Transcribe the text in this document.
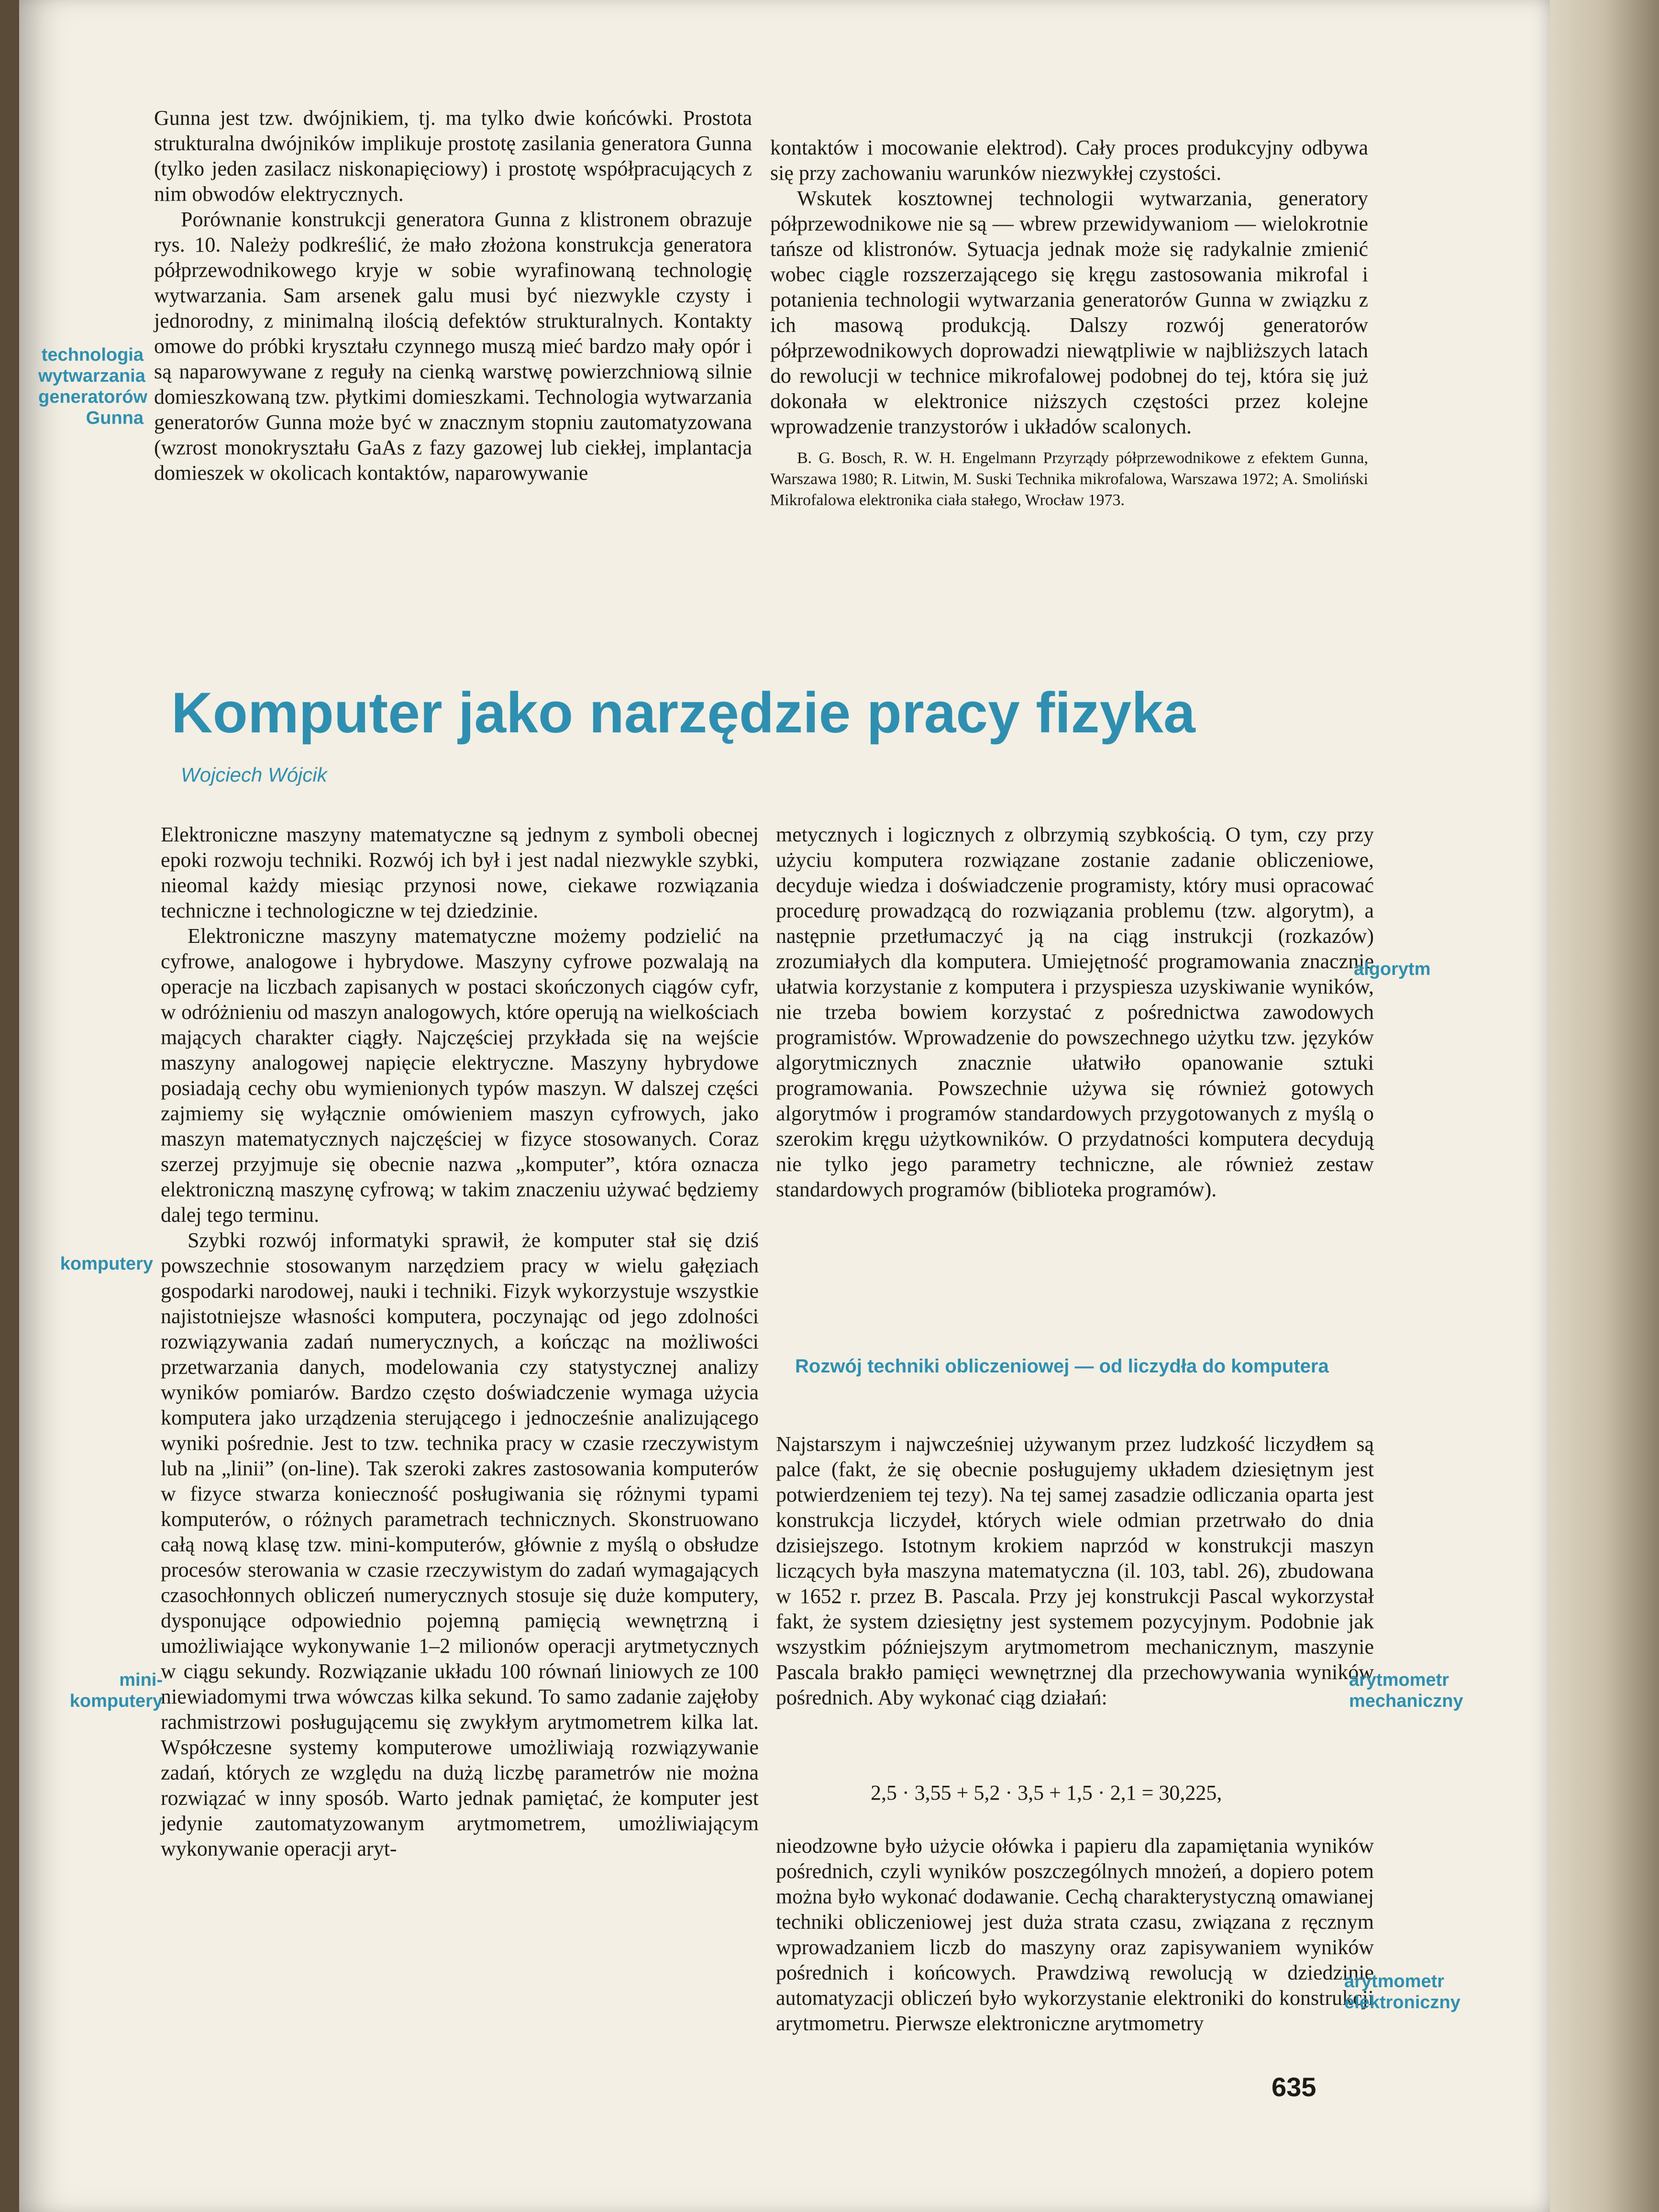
Gunna jest tzw. dwójnikiem, tj. ma tylko dwie końcówki. Prostota strukturalna dwójników implikuje prostotę zasilania generatora Gunna (tylko jeden zasilacz niskonapięciowy) i prostotę współpracujących z nim obwodów elektrycznych.

Porównanie konstrukcji generatora Gunna z klistronem obrazuje rys. 10. Należy podkreślić, że mało złożona konstrukcja generatora półprzewodnikowego kryje w sobie wyrafinowaną technologię wytwarzania. Sam arsenek galu musi być niezwykle czysty i jednorodny, z minimalną ilością defektów strukturalnych. Kontakty omowe do próbki kryształu czynnego muszą mieć bardzo mały opór i są naparowywane z reguły na cienką warstwę powierzchniową silnie domieszkowaną tzw. płytkimi domieszkami. Technologia wytwarzania generatorów Gunna może być w znacznym stopniu zautomatyzowana (wzrost monokryształu GaAs z fazy gazowej lub ciekłej, implantacja domieszek w okolicach kontaktów, naparowywanie

technologia wytwarzania generatorów Gunna

kontaktów i mocowanie elektrod). Cały proces produkcyjny odbywa się przy zachowaniu warunków niezwykłej czystości.

Wskutek kosztownej technologii wytwarzania, generatory półprzewodnikowe nie są — wbrew przewidywaniom — wielokrotnie tańsze od klistronów. Sytuacja jednak może się radykalnie zmienić wobec ciągle rozszerzającego się kręgu zastosowania mikrofal i potanienia technologii wytwarzania generatorów Gunna w związku z ich masową produkcją. Dalszy rozwój generatorów półprzewodnikowych doprowadzi niewątpliwie w najbliższych latach do rewolucji w technice mikrofalowej podobnej do tej, która się już dokonała w elektronice niższych częstości przez kolejne wprowadzenie tranzystorów i układów scalonych.

B. G. Bosch, R. W. H. Engelmann Przyrządy półprzewodnikowe z efektem Gunna, Warszawa 1980; R. Litwin, M. Suski Technika mikrofalowa, Warszawa 1972; A. Smoliński Mikrofalowa elektronika ciała stałego, Wrocław 1973.

Komputer jako narzędzie pracy fizyka
Wojciech Wójcik

Elektroniczne maszyny matematyczne są jednym z symboli obecnej epoki rozwoju techniki. Rozwój ich był i jest nadal niezwykle szybki, nieomal każdy miesiąc przynosi nowe, ciekawe rozwiązania techniczne i technologiczne w tej dziedzinie.

Elektroniczne maszyny matematyczne możemy podzielić na cyfrowe, analogowe i hybrydowe. Maszyny cyfrowe pozwalają na operacje na liczbach zapisanych w postaci skończonych ciągów cyfr, w odróżnieniu od maszyn analogowych, które operują na wielkościach mających charakter ciągły. Najczęściej przykłada się na wejście maszyny analogowej napięcie elektryczne. Maszyny hybrydowe posiadają cechy obu wymienionych typów maszyn. W dalszej części zajmiemy się wyłącznie omówieniem maszyn cyfrowych, jako maszyn matematycznych najczęściej w fizyce stosowanych. Coraz szerzej przyjmuje się obecnie nazwa „komputer”, która oznacza elektroniczną maszynę cyfrową; w takim znaczeniu używać będziemy dalej tego terminu.

Szybki rozwój informatyki sprawił, że komputer stał się dziś powszechnie stosowanym narzędziem pracy w wielu gałęziach gospodarki narodowej, nauki i techniki. Fizyk wykorzystuje wszystkie najistotniejsze własności komputera, poczynając od jego zdolności rozwiązywania zadań numerycznych, a kończąc na możliwości przetwarzania danych, modelowania czy statystycznej analizy wyników pomiarów. Bardzo często doświadczenie wymaga użycia komputera jako urządzenia sterującego i jednocześnie analizującego wyniki pośrednie. Jest to tzw. technika pracy w czasie rzeczywistym lub na „linii” (on-line). Tak szeroki zakres zastosowania komputerów w fizyce stwarza konieczność posługiwania się różnymi typami komputerów, o różnych parametrach technicznych. Skonstruowano całą nową klasę tzw. mini-komputerów, głównie z myślą o obsłudze procesów sterowania w czasie rzeczywistym do zadań wymagających czasochłonnych obliczeń numerycznych stosuje się duże komputery, dysponujące odpowiednio pojemną pamięcią wewnętrzną i umożliwiające wykonywanie 1–2 milionów operacji arytmetycznych w ciągu sekundy. Rozwiązanie układu 100 równań liniowych ze 100 niewiadomymi trwa wówczas kilka sekund. To samo zadanie zajęłoby rachmistrzowi posługującemu się zwykłym arytmometrem kilka lat. Współczesne systemy komputerowe umożliwiają rozwiązywanie zadań, których ze względu na dużą liczbę parametrów nie można rozwiązać w inny sposób. Warto jednak pamiętać, że komputer jest jedynie zautomatyzowanym arytmometrem, umożliwiającym wykonywanie operacji aryt-

komputery
mini-komputery

metycznych i logicznych z olbrzymią szybkością. O tym, czy przy użyciu komputera rozwiązane zostanie zadanie obliczeniowe, decyduje wiedza i doświadczenie programisty, który musi opracować procedurę prowadzącą do rozwiązania problemu (tzw. algorytm), a następnie przetłumaczyć ją na ciąg instrukcji (rozkazów) zrozumiałych dla komputera. Umiejętność programowania znacznie ułatwia korzystanie z komputera i przyspiesza uzyskiwanie wyników, nie trzeba bowiem korzystać z pośrednictwa zawodowych programistów. Wprowadzenie do powszechnego użytku tzw. języków algorytmicznych znacznie ułatwiło opanowanie sztuki programowania. Powszechnie używa się również gotowych algorytmów i programów standardowych przygotowanych z myślą o szerokim kręgu użytkowników. O przydatności komputera decydują nie tylko jego parametry techniczne, ale również zestaw standardowych programów (biblioteka programów).

algorytm
Rozwój techniki obliczeniowej — od liczydła do komputera

Najstarszym i najwcześniej używanym przez ludzkość liczydłem są palce (fakt, że się obecnie posługujemy układem dziesiętnym jest potwierdzeniem tej tezy). Na tej samej zasadzie odliczania oparta jest konstrukcja liczydeł, których wiele odmian przetrwało do dnia dzisiejszego. Istotnym krokiem naprzód w konstrukcji maszyn liczących była maszyna matematyczna (il. 103, tabl. 26), zbudowana w 1652 r. przez B. Pascala. Przy jej konstrukcji Pascal wykorzystał fakt, że system dziesiętny jest systemem pozycyjnym. Podobnie jak wszystkim późniejszym arytmometrom mechanicznym, maszynie Pascala brakło pamięci wewnętrznej dla przechowywania wyników pośrednich. Aby wykonać ciąg działań:

2,5 · 3,55 + 5,2 · 3,5 + 1,5 · 2,1 = 30,225,

nieodzowne było użycie ołówka i papieru dla zapamiętania wyników pośrednich, czyli wyników poszczególnych mnożeń, a dopiero potem można było wykonać dodawanie. Cechą charakterystyczną omawianej techniki obliczeniowej jest duża strata czasu, związana z ręcznym wprowadzaniem liczb do maszyny oraz zapisywaniem wyników pośrednich i końcowych. Prawdziwą rewolucją w dziedzinie automatyzacji obliczeń było wykorzystanie elektroniki do konstrukcji arytmometru. Pierwsze elektroniczne arytmometry

arytmometr mechaniczny
arytmometr elektroniczny
635
